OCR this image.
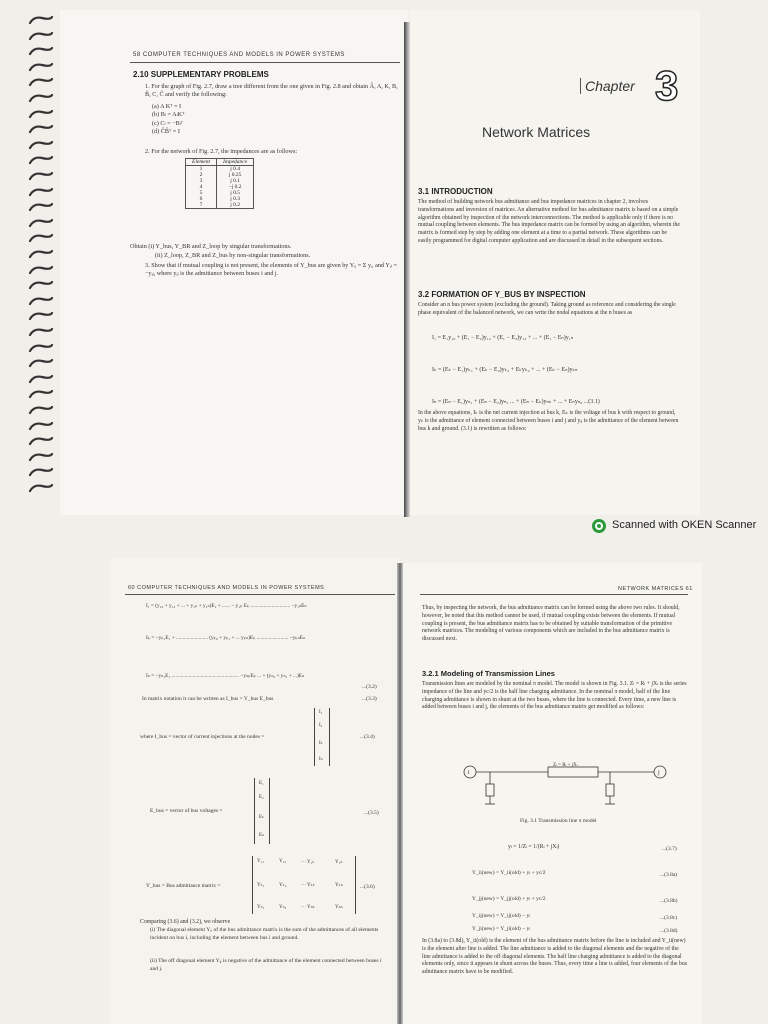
58 COMPUTER TECHNIQUES AND MODELS IN POWER SYSTEMS
2.10 SUPPLEMENTARY PROBLEMS
1. For the graph of Fig. 2.7, draw a tree different from the one given in Fig. 2.8 and obtain Â, A, K, B, B̂, C, Ĉ and verify the following:
(a) A Kᵀ = I
(b) Bₗ = AₗKᵀ
(c) Cₗ = −Bₗᵀ
(d) ĈB̂ᵀ = I
2. For the network of Fig. 2.7, the impedances are as follows:
Element	Impedance
1	j 0.4
2	j 0.25
3	j 0.1
4	−j 0.2
5	j 0.5
6	j 0.3
7	j 0.2
Obtain (i) Y_bus, Y_BR and Z_loop by singular transformations.
(ii) Z_loop, Z_BR and Z_bus by non-singular transformations.
3. Show that if mutual coupling is not present, the elements of Y_bus are given by Yᵢᵢ = Σ yᵢ, and Yᵢⱼ = −yᵢⱼ, where yᵢⱼ is the admittance between buses i and j.
Chapter 3
Network Matrices
3.1 INTRODUCTION
The method of building network bus admittance and bus impedance matrices in chapter 2, involves transformations and inversion of matrices. An alternative method for bus admittance matrix is based on a simple algorithm obtained by inspection of the network interconnections. The method is applicable only if there is no mutual coupling between elements. The bus impedance matrix can be formed by using an algorithm, wherein the matrix is formed step by step by adding one element at a time to a partial network. These algorithms can be easily programmed for digital computer application and are discussed in detail in the subsequent sections.
3.2 FORMATION OF Y_BUS BY INSPECTION
Consider an n bus power system (excluding the ground). Taking ground as reference and considering the single phase equivalent of the balanced network, we can write the nodal equations at the n buses as
I₁ = E₁y₁₀ + (E₁ − E₂)y₁₂ + (E₁ − E₃)y₁₃ + ... + (E₁ − Eₙ)y₁ₙ
Iₖ = (Eₖ − E₁)yₖ₁ + (Eₖ − E₂)yₖ₂ + Eₖyₖ₀ + ... + (Eₖ − Eₙ)yₖₙ
Iₙ = (Eₙ − E₁)yₙ₁ + (Eₙ − E₂)yₙ₂ ... + (Eₙ − Eₖ)yₙₖ + ... + Eₙyₙ₀ ...(3.1)
In the above equations, Iₖ is the net current injection at bus k, Eₖ is the voltage of bus k with respect to ground, yₖ is the admittance of element connected between buses i and j and yᵢⱼ is the admittance of the element between bus k and ground. (3.1) is rewritten as follows:
Scanned with OKEN Scanner
60 COMPUTER TECHNIQUES AND MODELS IN POWER SYSTEMS
I₁ = (y₁₀ + y₁₂ + ... + y₁ₖ + y₁ₙ)E₁ + ...... − y₁ₖ Eₖ .............................. −y₁ₙEₙ
Iₖ = −yₖ₁E₁ + ........................ (yₖ₀ + yₖ₁ + ... yₖₙ)Eₖ ........................ −yₖₙEₙ
Iₙ = −yₙ₁E₁ ................................................... −yₙₖEₖ ... + (yₙ₀ + yₙ₁ + ...)Eₙ
...(3.2)
In matrix notation it can be written as I_bus = Y_bus E_bus	...(3.3)
where I_bus = vector of current injections at the nodes =
I₁
I₂
Iₖ
Iₙ
...(3.4)
E_bus = vector of bus voltages =
E₁
E₂
Eₖ
Eₙ
...(3.5)
Y_bus = Bus admittance matrix =
Y₁₁	Y₁₂	··· Y₁ₖ	Y₁ₙ
Yₖ₁	Yₖ₂	··· Yₖₖ	Yₖₙ
Yₙ₁	Yₙ₂	··· Yₙₖ	Yₙₙ
...(3.6)
Comparing (3.6) and (3.2), we observe
(i) The diagonal element Yᵢᵢ of the bus admittance matrix is the sum of the admittances of all elements incident on bus i, including the element between bus i and ground.
(ii) The off diagonal element Yᵢⱼ is negative of the admittance of the element connected between buses i and j.
NETWORK MATRICES 61
Thus, by inspecting the network, the bus admittance matrix can be formed using the above two rules. It should, however, be noted that this method cannot be used, if mutual coupling exists between the elements. If mutual coupling is present, the bus admittance matrix has to be obtained by suitable transformation of the primitive network matrices. The modeling of various components which are included in the bus admittance matrix is discussed next.
3.2.1 Modeling of Transmission Lines
Transmission lines are modeled by the nominal π model. The model is shown in Fig. 3.1. Zₗ = Rₗ + jXₗ is the series impedance of the line and yc/2 is the half line charging admittance. In the nominal π model, half of the line charging admittance is shown in shunt at the two buses, where the line is connected. Every time, a new line is added between buses i and j, the elements of the bus admittance matrix get modified as follows:
i	j
Zₗ = Rₗ + jXₗ
Fig. 3.1 Transmission line π model
yₗ = 1/Zₗ = 1/(Rₗ + jXₗ)	...(3.7)
Y_ii(new) = Y_ii(old) + yₗ + yc/2	...(3.8a)
Y_jj(new) = Y_jj(old) + yₗ + yc/2	...(3.8b)
Y_ij(new) = Y_ij(old) − yₗ	...(3.8c)
Y_ji(new) = Y_ji(old) − yₗ	...(3.8d)
In (3.8a) to (3.8d), Y_ii(old) is the element of the bus admittance matrix before the line is included and Y_ii(new) is the element after line is added. The line admittance is added to the diagonal elements and the negative of the line admittance is added to the off diagonal elements. The half line charging admittance is added to the diagonal elements only, since it appears in shunt across the buses. Thus, every time a line is added, four elements of the bus admittance matrix have to be modified.
